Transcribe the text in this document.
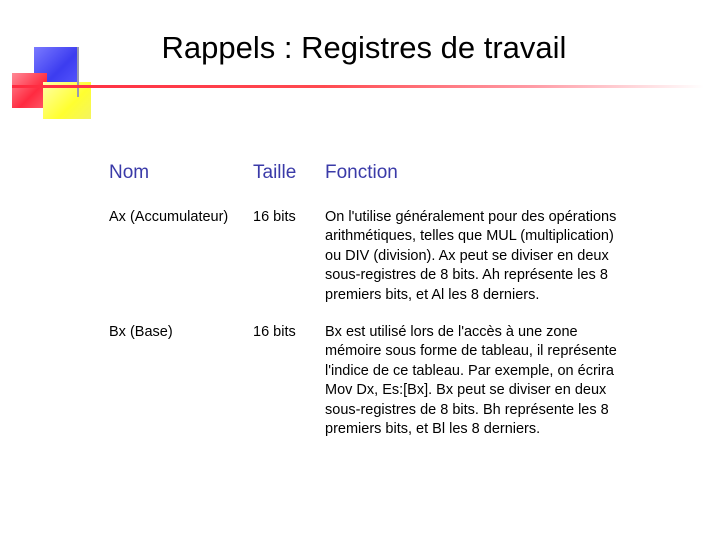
Rappels : Registres de travail
Nom	Taille Fonction
Ax (Accumulateur) 16 bits On l'utilise généralement pour des opérations
arithmétiques, telles que MUL (multiplication)
ou DIV (division). Ax peut se diviser en deux
sous-registres de 8 bits. Ah représente les 8
premiers bits, et Al les 8 derniers.
Bx (Base)	16 bits Bx est utilisé lors de l'accès à une zone
mémoire sous forme de tableau, il représente
l'indice de ce tableau. Par exemple, on écrira
Mov Dx, Es:[Bx]. Bx peut se diviser en deux
sous-registres de 8 bits. Bh représente les 8
premiers bits, et Bl les 8 derniers.
